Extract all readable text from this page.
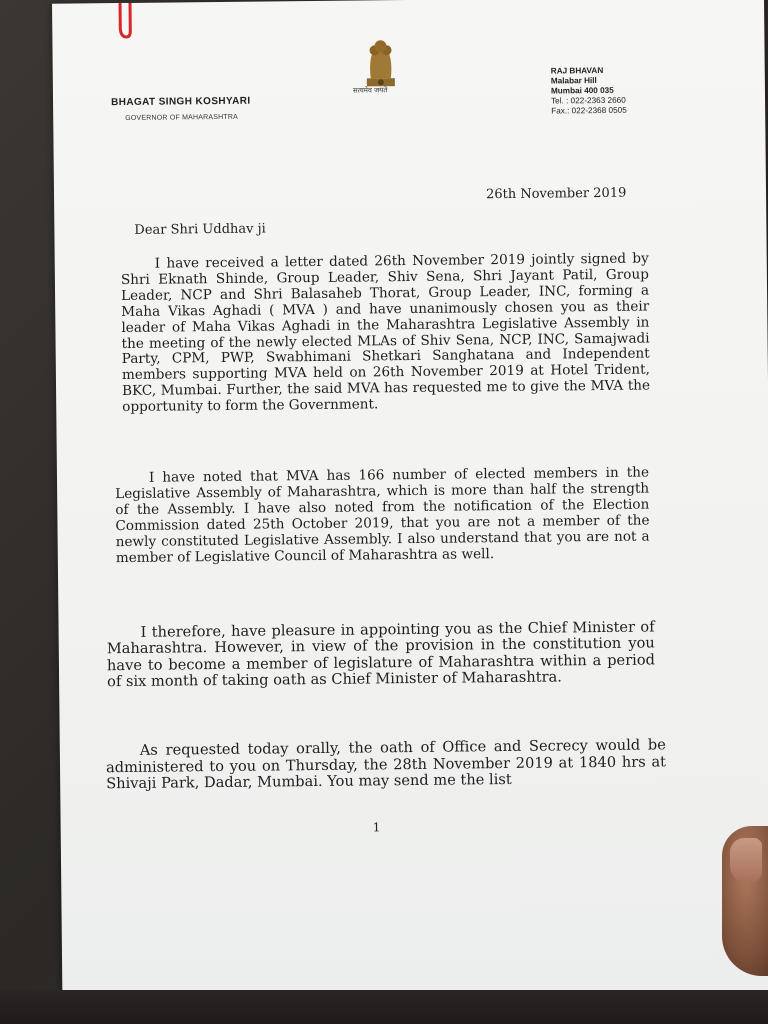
सत्यमेव जयते
BHAGAT SINGH KOSHYARI
GOVERNOR OF MAHARASHTRA
RAJ BHAVAN
Malabar Hill
Mumbai 400 035
Tel. : 022-2363 2660
Fax.: 022-2368 0505
26th November 2019
Dear Shri Uddhav ji
I have received a letter dated 26th November 2019 jointly signed by Shri Eknath Shinde, Group Leader, Shiv Sena, Shri Jayant Patil, Group Leader, NCP and Shri Balasaheb Thorat, Group Leader, INC, forming a Maha Vikas Aghadi ( MVA ) and have unanimously chosen you as their leader of Maha Vikas Aghadi in the Maharashtra Legislative Assembly in the meeting of the newly elected MLAs of Shiv Sena, NCP, INC, Samajwadi Party, CPM, PWP, Swabhimani Shetkari Sanghatana and Independent members supporting MVA held on 26th November 2019 at Hotel Trident, BKC, Mumbai. Further, the said MVA has requested me to give the MVA the opportunity to form the Government.
I have noted that MVA has 166 number of elected members in the Legislative Assembly of Maharashtra, which is more than half the strength of the Assembly. I have also noted from the notification of the Election Commission dated 25th October 2019, that you are not a member of the newly constituted Legislative Assembly. I also understand that you are not a member of Legislative Council of Maharashtra as well.
I therefore, have pleasure in appointing you as the Chief Minister of Maharashtra. However, in view of the provision in the constitution you have to become a member of legislature of Maharashtra within a period of six month of taking oath as Chief Minister of Maharashtra.
As requested today orally, the oath of Office and Secrecy would be administered to you on Thursday, the 28th November 2019 at 1840 hrs at Shivaji Park, Dadar, Mumbai. You may send me the list
1
